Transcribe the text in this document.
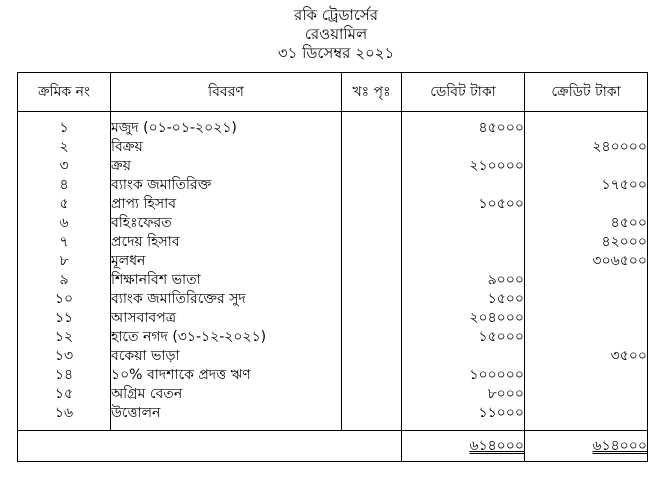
রকি ট্রেডার্সের
রেওয়ামিল
৩১ ডিসেম্বর ২০২১
ক্রমিক নং	বিবরণ	খঃ পৃঃ	ডেবিট টাকা	ক্রেডিট টাকা

১	মজুদ (০১-০১-২০২১)		৪৫০০০	
২	বিক্রয়			২৪০০০০
৩	ক্রয়		২১০০০০	
৪	ব্যাংক জমাতিরিক্ত			১৭৫০০
৫	প্রাপ্য হিসাব		১০৫০০	
৬	বহিঃফেরত			৪৫০০
৭	প্রদেয় হিসাব			৪২০০০
৮	মূলধন			৩০৬৫০০
৯	শিক্ষানবিশ ভাতা		৯০০০	
১০	ব্যাংক জমাতিরিক্তের সুদ		১৫০০	
১১	আসবাবপত্র		২০৪০০০	
১২	হাতে নগদ (৩১-১২-২০২১)		১৫০০০	
১৩	বকেয়া ভাড়া			৩৫০০
১৪	১০% বাদশাকে প্রদত্ত ঋণ		১০০০০০	
১৫	অগ্রিম বেতন		৮০০০	
১৬	উত্তোলন		১১০০০	

			৬১৪০০০	৬১৪০০০
